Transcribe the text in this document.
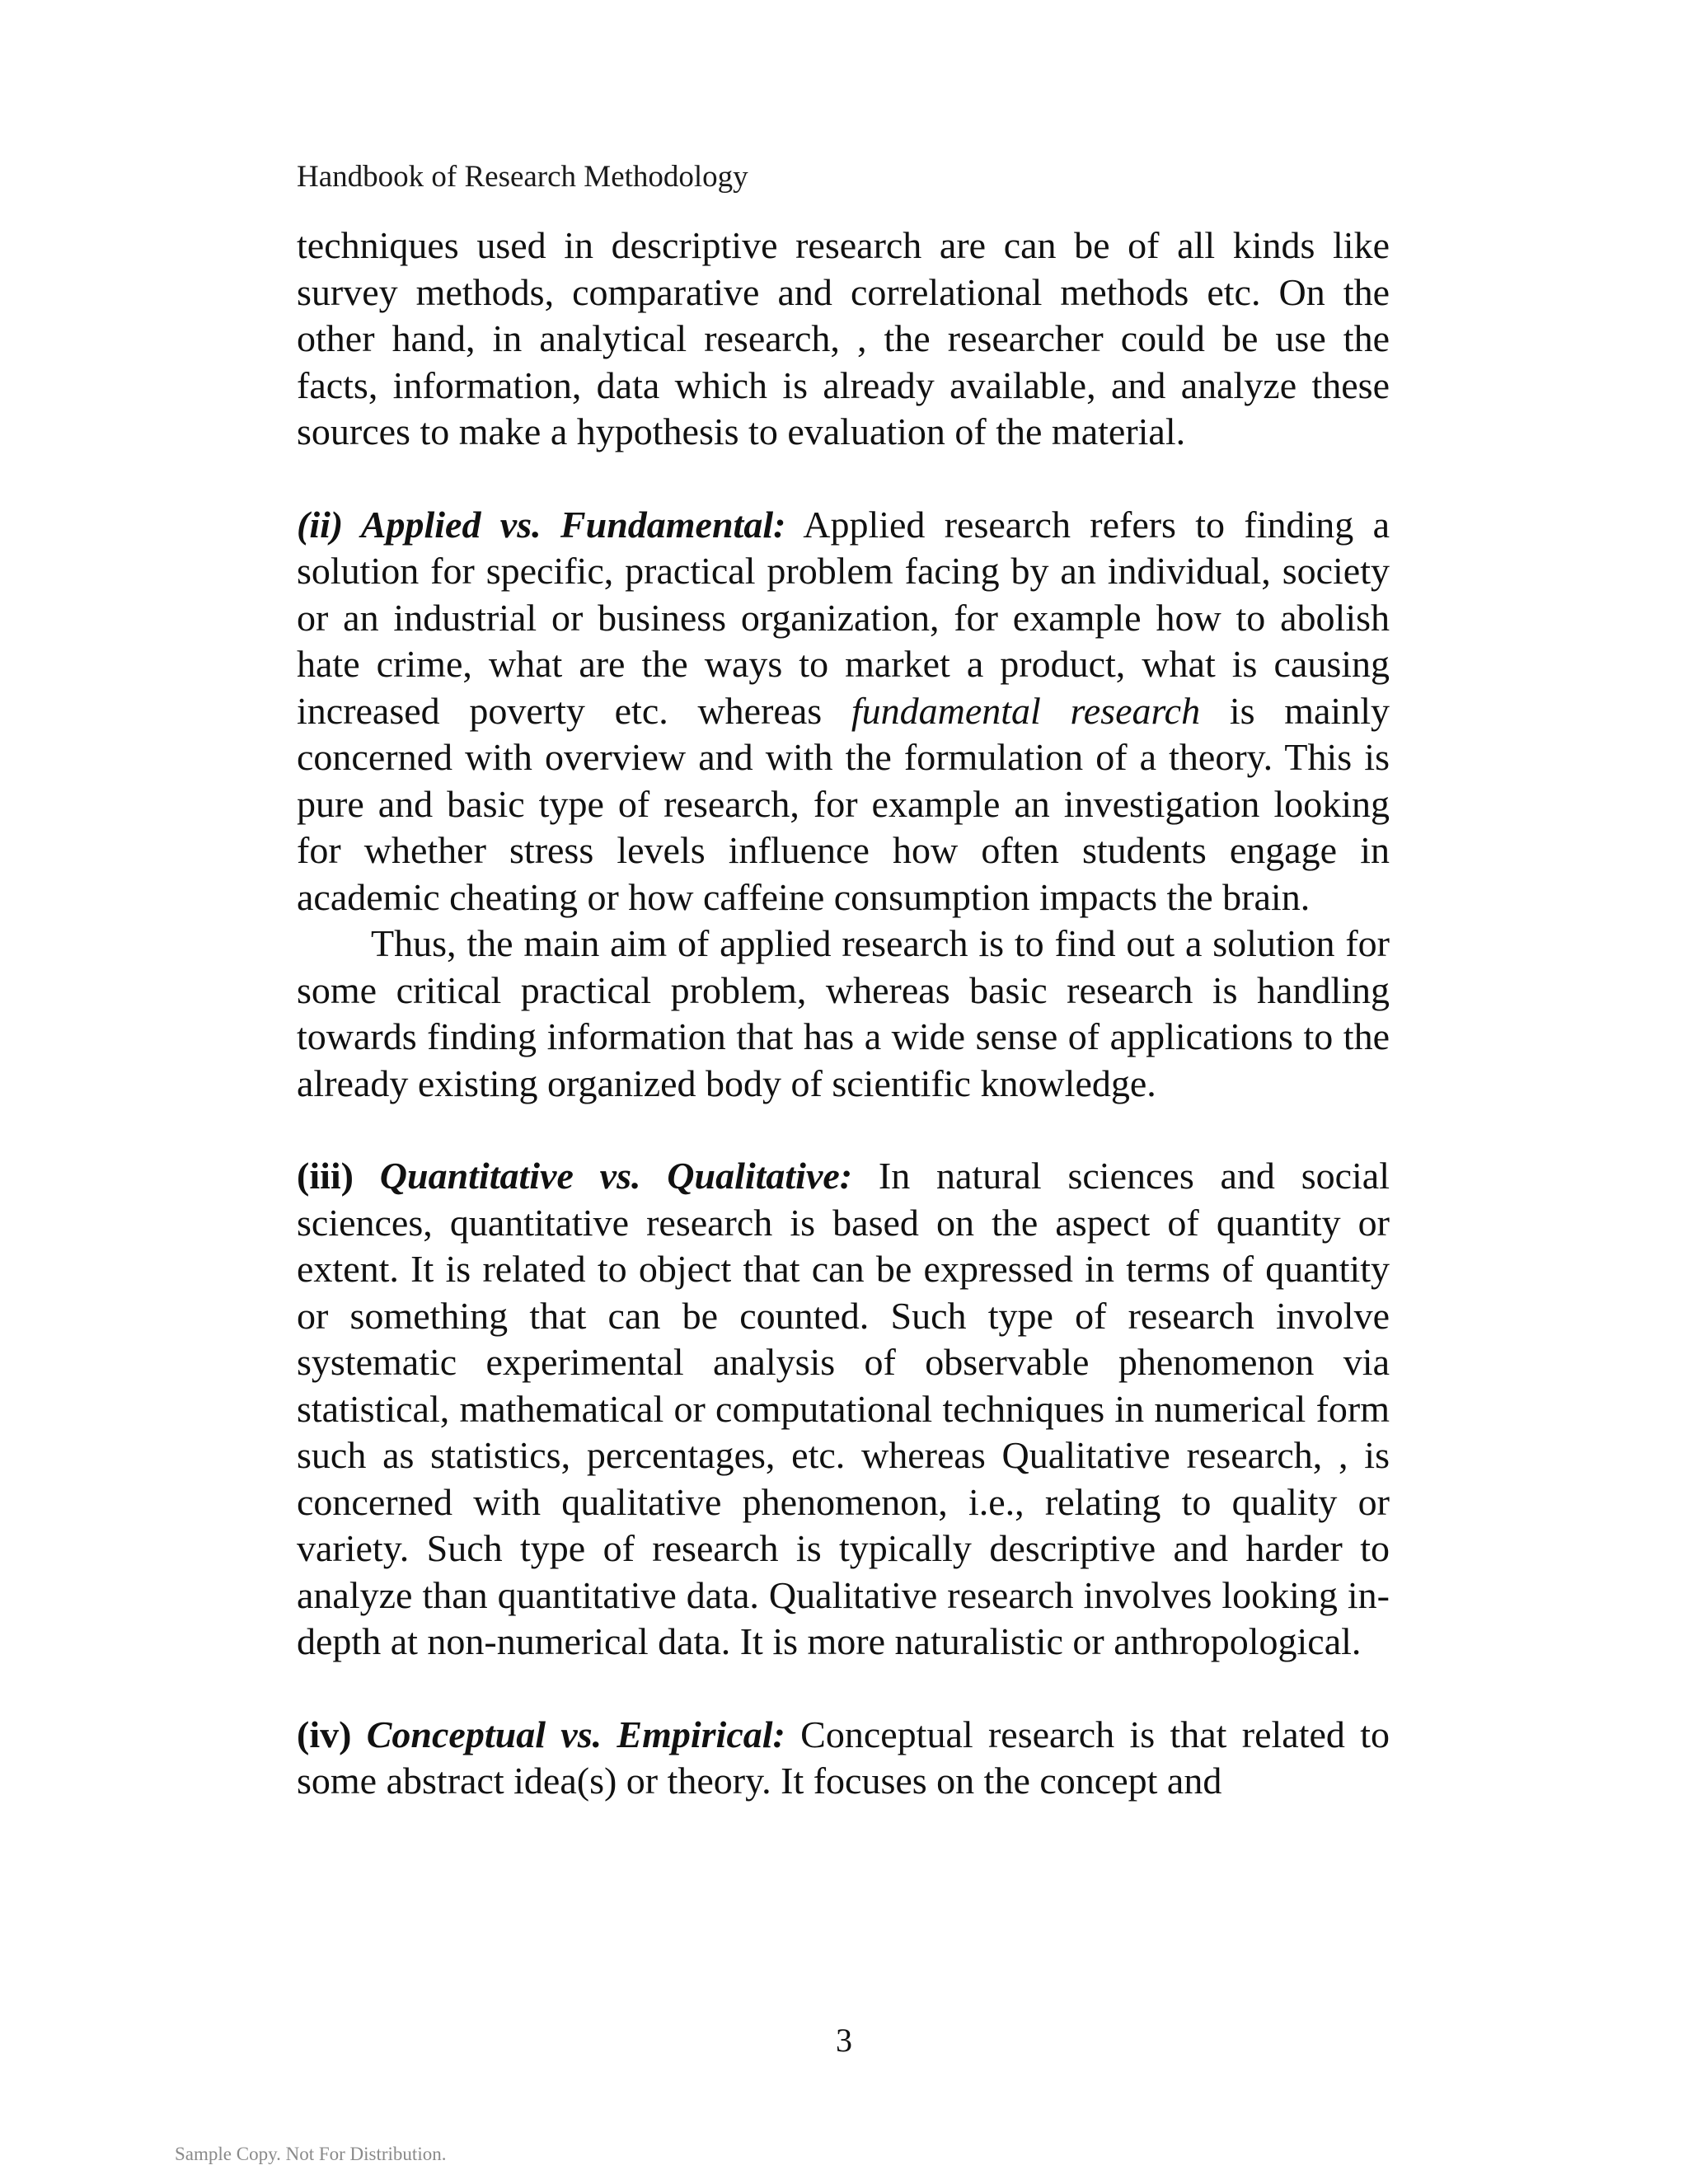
Handbook of Research Methodology

techniques used in descriptive research are can be of all kinds like survey methods, comparative and correlational methods etc. On the other hand, in analytical research, , the researcher could be use the facts, information, data which is already available, and analyze these sources to make a hypothesis to evaluation of the material.

(ii) Applied vs. Fundamental: Applied research refers to finding a solution for specific, practical problem facing by an individual, society or an industrial or business organization, for example how to abolish hate crime, what are the ways to market a product, what is causing increased poverty etc. whereas fundamental research is mainly concerned with overview and with the formulation of a theory. This is pure and basic type of research, for example an investigation looking for whether stress levels influence how often students engage in academic cheating or how caffeine consumption impacts the brain.

Thus, the main aim of applied research is to find out a solution for some critical practical problem, whereas basic research is handling towards finding information that has a wide sense of applications to the already existing organized body of scientific knowledge.

(iii) Quantitative vs. Qualitative: In natural sciences and social sciences, quantitative research is based on the aspect of quantity or extent. It is related to object that can be expressed in terms of quantity or something that can be counted. Such type of research involve systematic experimental analysis of observable phenomenon via statistical, mathematical or computational techniques in numerical form such as statistics, percentages, etc. whereas Qualitative research, , is concerned with qualitative phenomenon, i.e., relating to quality or variety. Such type of research is typically descriptive and harder to analyze than quantitative data. Qualitative research involves looking in-depth at non-numerical data. It is more naturalistic or anthropological.

(iv) Conceptual vs. Empirical: Conceptual research is that related to some abstract idea(s) or theory. It focuses on the concept and

3
Sample Copy. Not For Distribution.
